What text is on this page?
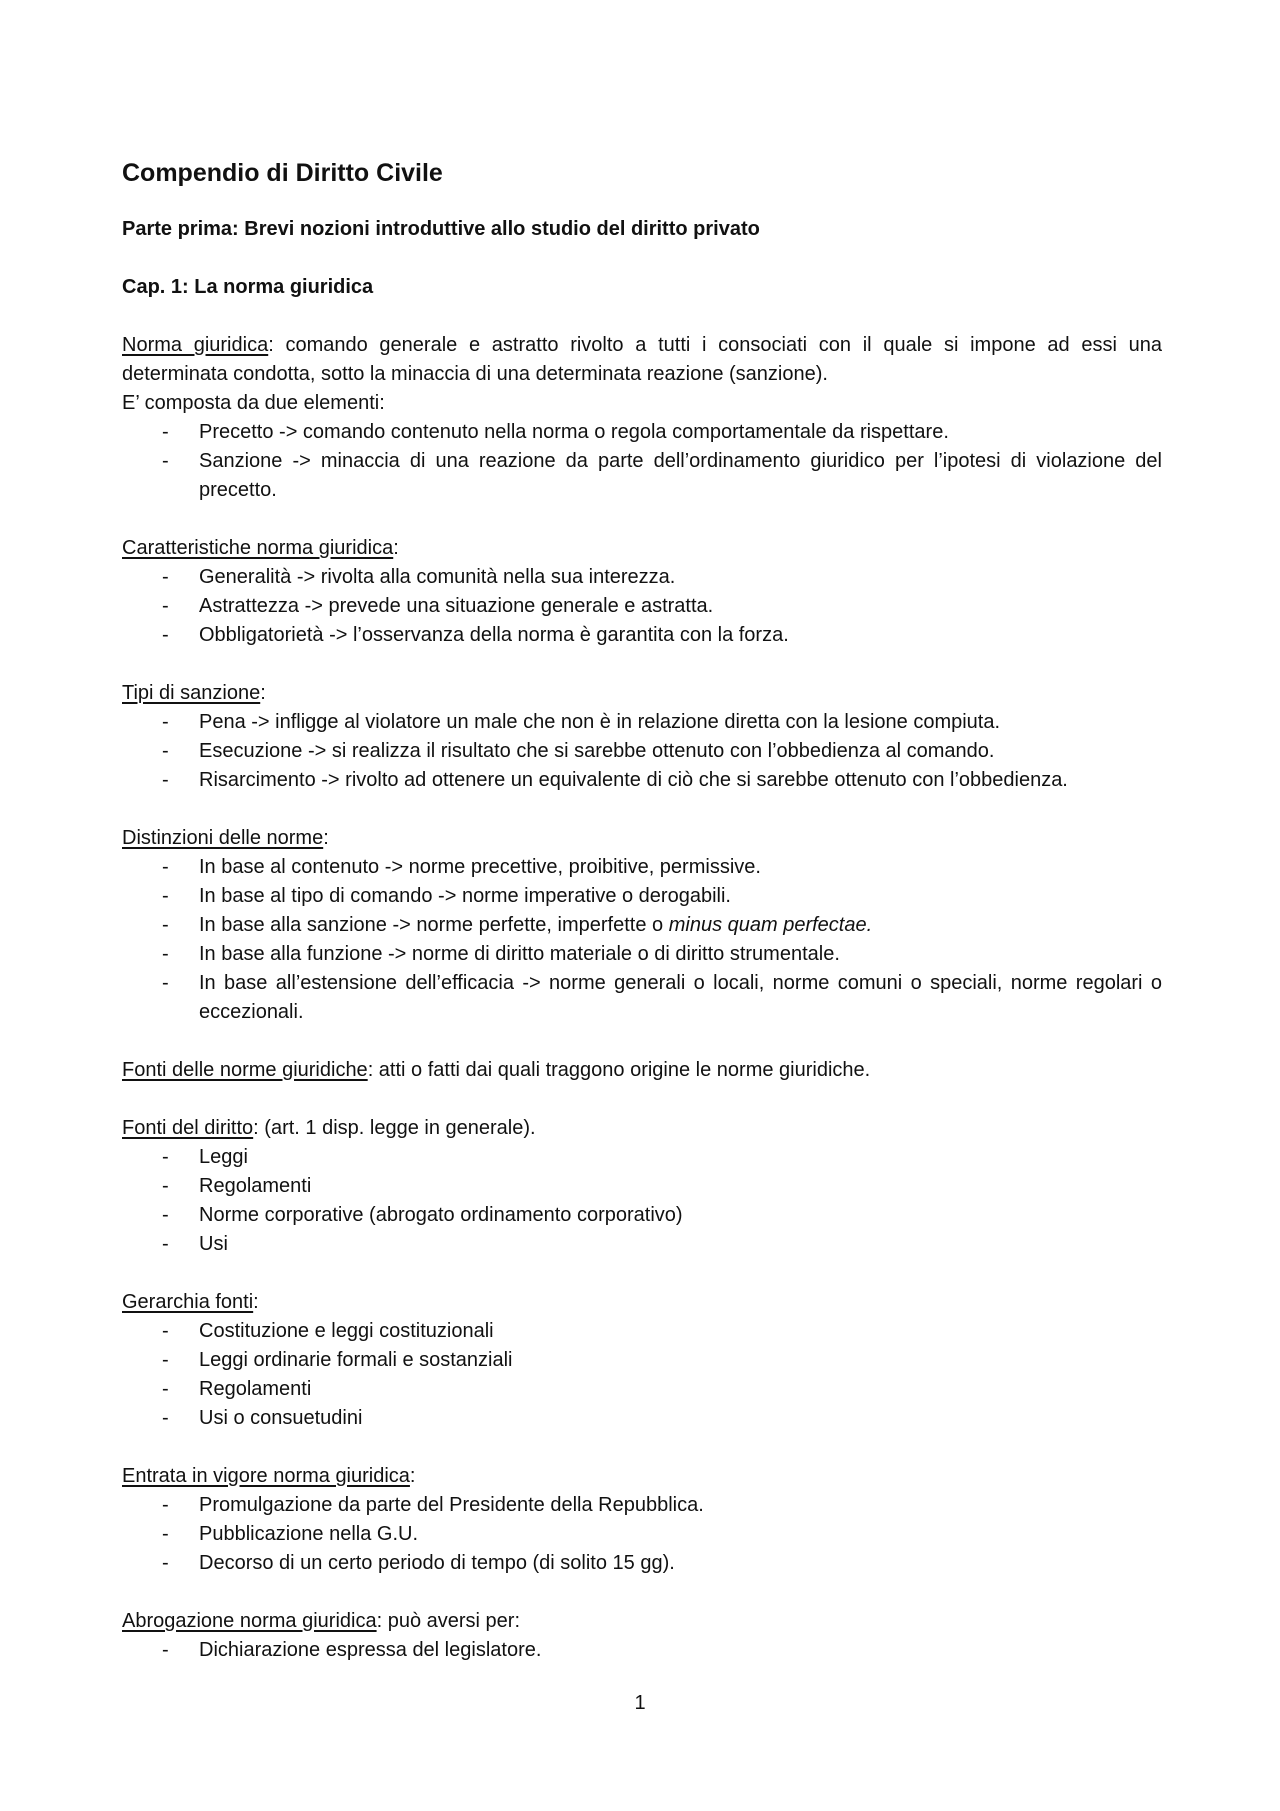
Compendio di Diritto Civile
Parte prima: Brevi nozioni introduttive allo studio del diritto privato
Cap. 1: La norma giuridica

Norma giuridica: comando generale e astratto rivolto a tutti i consociati con il quale si impone ad essi una determinata condotta, sotto la minaccia di una determinata reazione (sanzione).

E’ composta da due elementi:

- Precetto -> comando contenuto nella norma o regola comportamentale da rispettare.
- Sanzione -> minaccia di una reazione da parte dell’ordinamento giuridico per l’ipotesi di violazione del precetto.

Caratteristiche norma giuridica:

- Generalità -> rivolta alla comunità nella sua interezza.
- Astrattezza -> prevede una situazione generale e astratta.
- Obbligatorietà -> l’osservanza della norma è garantita con la forza.

Tipi di sanzione:

- Pena -> infligge al violatore un male che non è in relazione diretta con la lesione compiuta.
- Esecuzione -> si realizza il risultato che si sarebbe ottenuto con l’obbedienza al comando.
- Risarcimento -> rivolto ad ottenere un equivalente di ciò che si sarebbe ottenuto con l’obbedienza.

Distinzioni delle norme:

- In base al contenuto -> norme precettive, proibitive, permissive.
- In base al tipo di comando -> norme imperative o derogabili.
- In base alla sanzione -> norme perfette, imperfette o minus quam perfectae.
- In base alla funzione -> norme di diritto materiale o di diritto strumentale.
- In base all’estensione dell’efficacia -> norme generali o locali, norme comuni o speciali, norme regolari o eccezionali.

Fonti delle norme giuridiche: atti o fatti dai quali traggono origine le norme giuridiche.

Fonti del diritto: (art. 1 disp. legge in generale).

- Leggi
- Regolamenti
- Norme corporative (abrogato ordinamento corporativo)
- Usi

Gerarchia fonti:

- Costituzione e leggi costituzionali
- Leggi ordinarie formali e sostanziali
- Regolamenti
- Usi o consuetudini

Entrata in vigore norma giuridica:

- Promulgazione da parte del Presidente della Repubblica.
- Pubblicazione nella G.U.
- Decorso di un certo periodo di tempo (di solito 15 gg).

Abrogazione norma giuridica: può aversi per:

- Dichiarazione espressa del legislatore.
1
